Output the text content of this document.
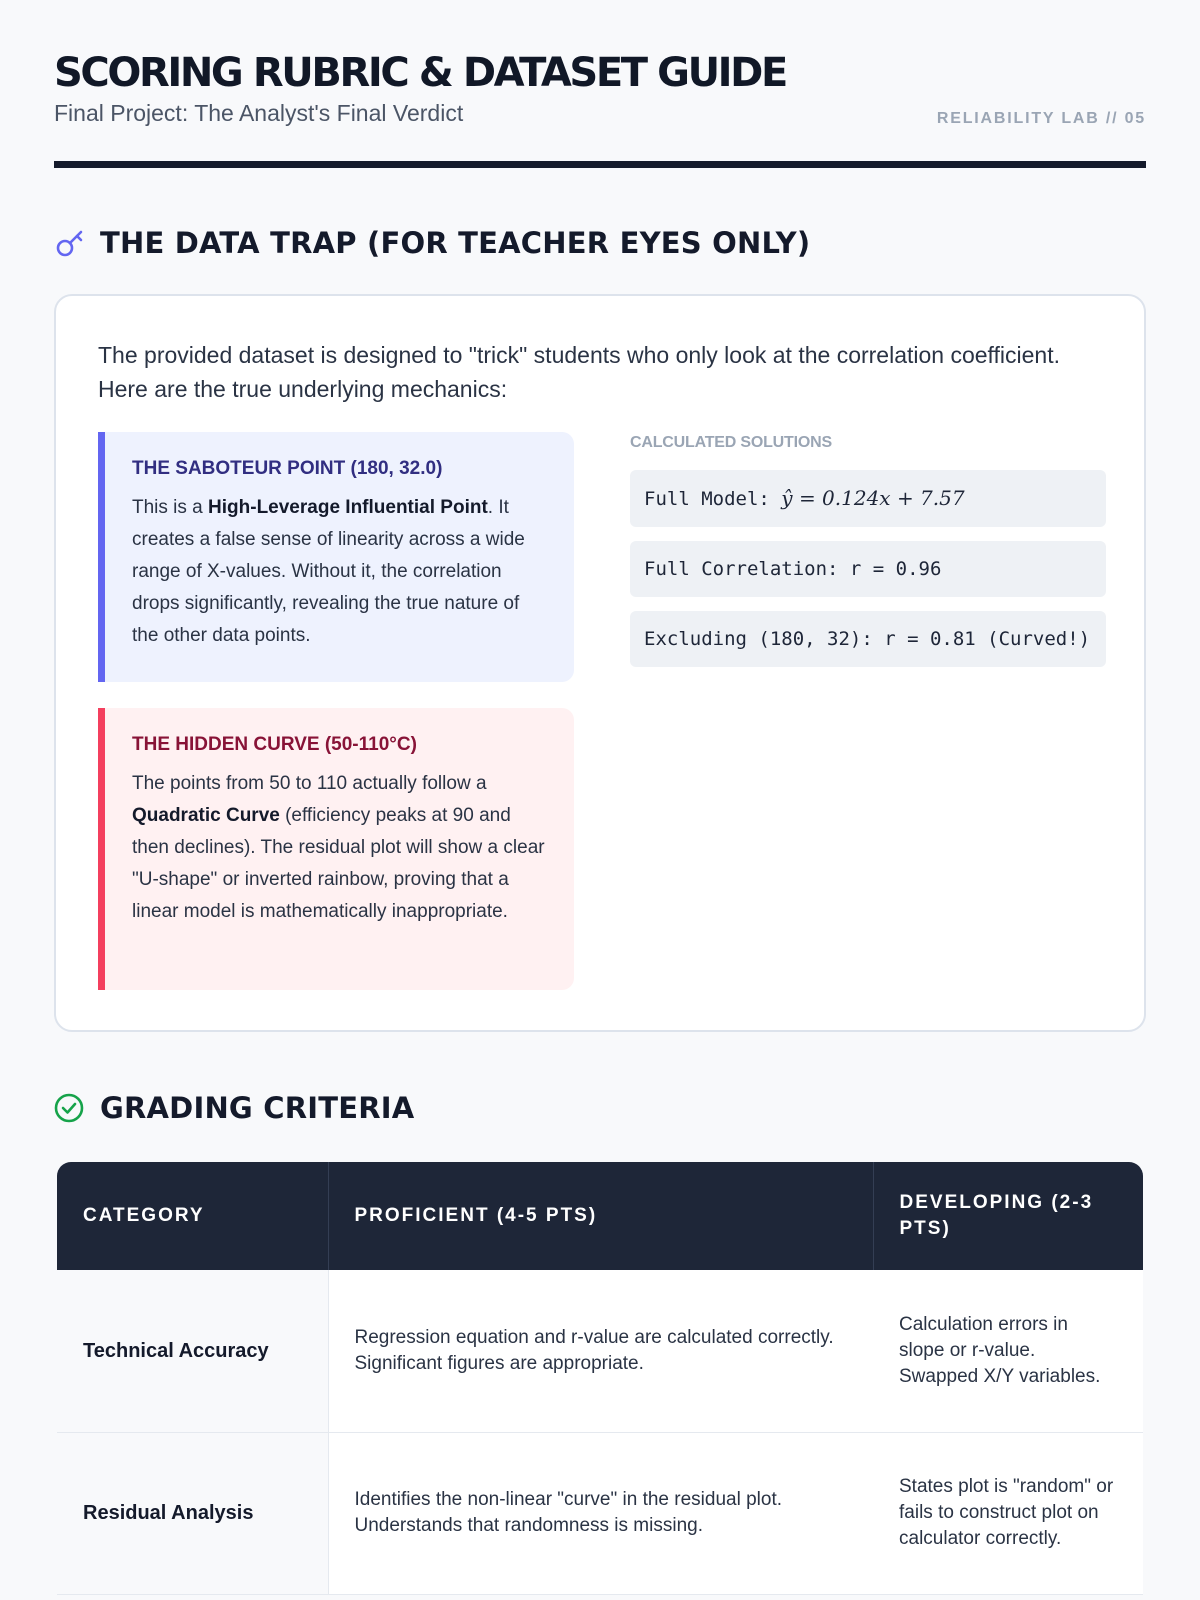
SCORING RUBRIC & DATASET GUIDE
Final Project: The Analyst's Final Verdict	RELIABILITY LAB // 05
THE DATA TRAP (FOR TEACHER EYES ONLY)

The provided dataset is designed to "trick" students who only look at the correlation coefficient. Here are the true underlying mechanics:

THE SABOTEUR POINT (180, 32.0)

This is a High-Leverage Influential Point. It creates a false sense of linearity across a wide range of X-values. Without it, the correlation drops significantly, revealing the true nature of the other data points.

THE HIDDEN CURVE (50-110°C)

The points from 50 to 110 actually follow a Quadratic Curve (efficiency peaks at 90 and then declines). The residual plot will show a clear "U-shape" or inverted rainbow, proving that a linear model is mathematically inappropriate.

CALCULATED SOLUTIONS
Full Model: ŷ = 0.124x + 7.57
Full Correlation: r = 0.96
Excluding (180, 32): r = 0.81 (Curved!)
GRADING CRITERIA
CATEGORY	PROFICIENT (4-5 PTS)	DEVELOPING (2-3 PTS)
Technical Accuracy	Regression equation and r-value are calculated correctly. Significant figures are appropriate.	Calculation errors in slope or r-value. Swapped X/Y variables.
Residual Analysis	Identifies the non-linear "curve" in the residual plot. Understands that randomness is missing.	States plot is "random" or fails to construct plot on calculator correctly.
